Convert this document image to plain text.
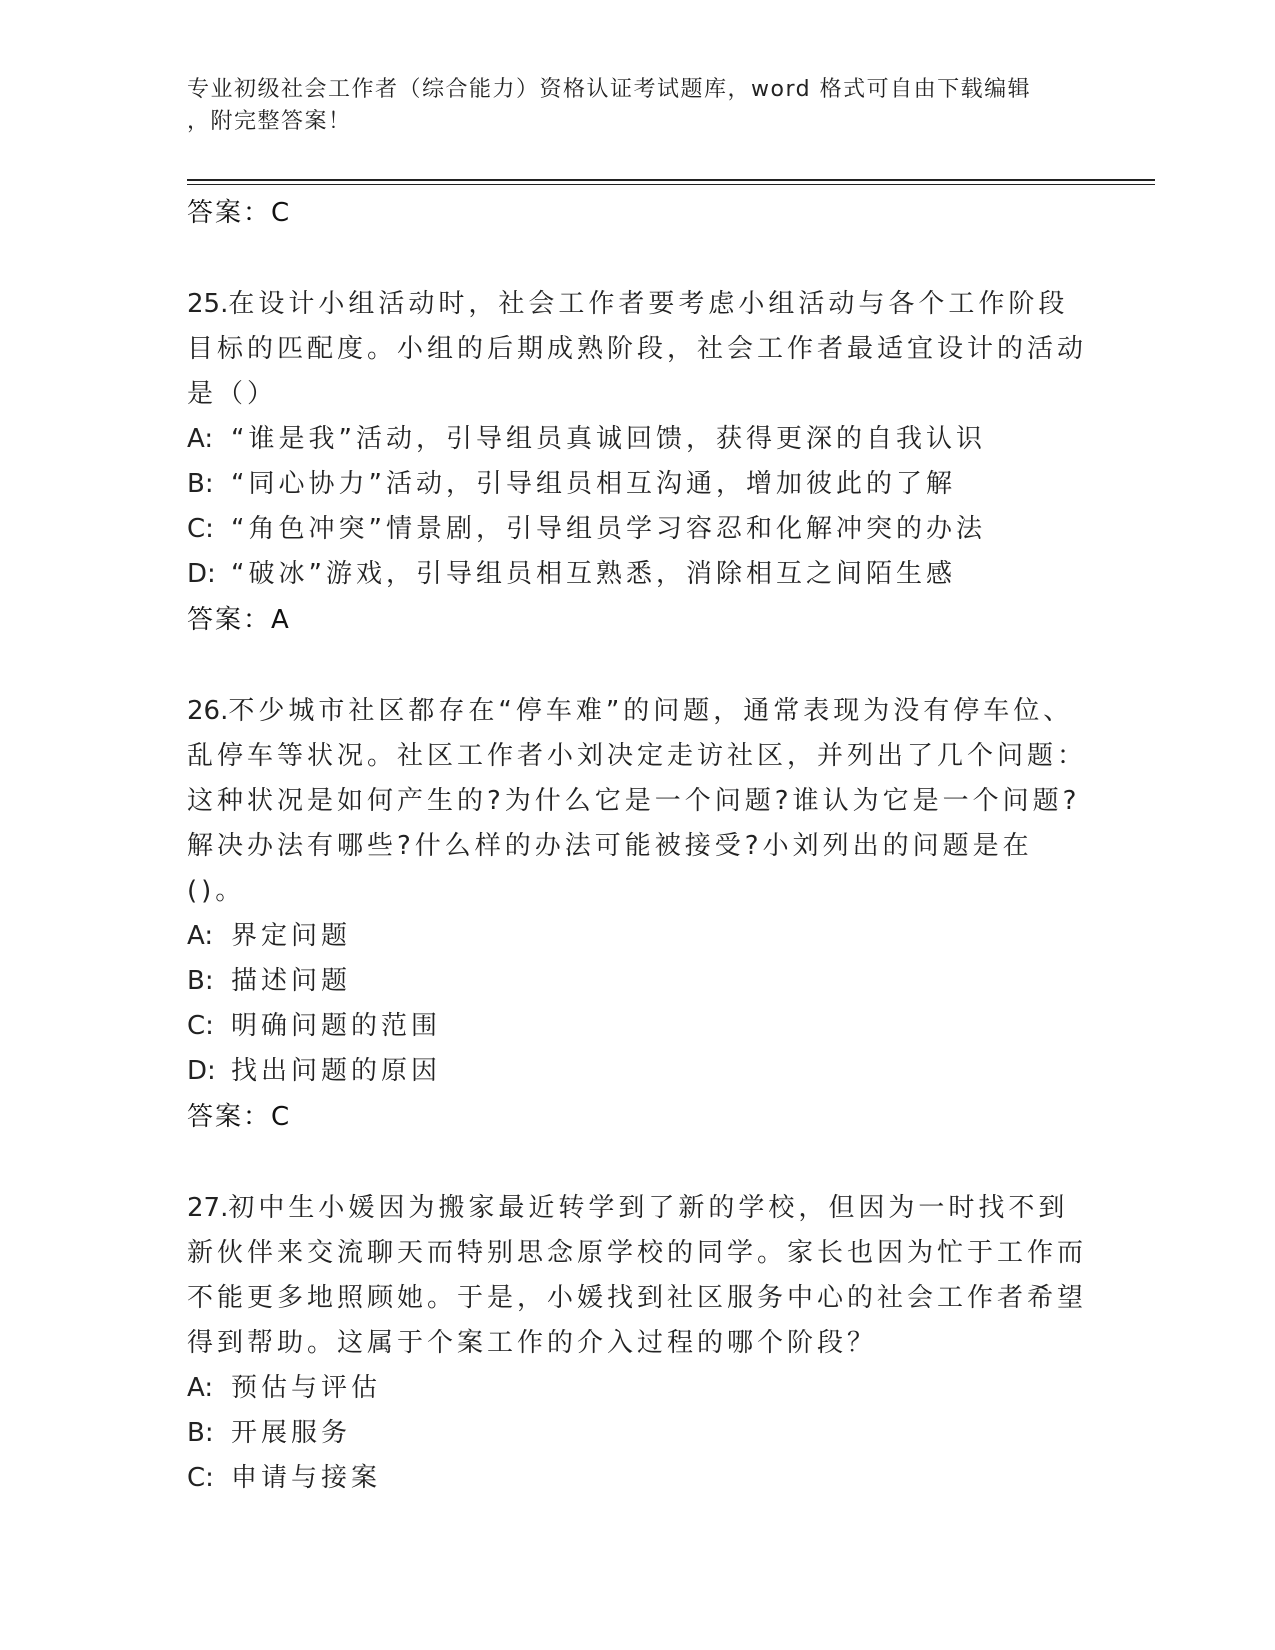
专业初级社会工作者（综合能力）资格认证考试题库，word 格式可自由下载编辑
，附完整答案！
答案：C

25.在设计小组活动时，社会工作者要考虑小组活动与各个工作阶段目标的匹配度。小组的后期成熟阶段，社会工作者最适宜设计的活动是（）

A: “谁是我”活动，引导组员真诚回馈，获得更深的自我认识
B: “同心协力”活动，引导组员相互沟通，增加彼此的了解
C: “角色冲突”情景剧，引导组员学习容忍和化解冲突的办法
D: “破冰”游戏，引导组员相互熟悉，消除相互之间陌生感
答案：A

26.不少城市社区都存在“停车难”的问题，通常表现为没有停车位、乱停车等状况。社区工作者小刘决定走访社区，并列出了几个问题：这种状况是如何产生的?为什么它是一个问题?谁认为它是一个问题?解决办法有哪些?什么样的办法可能被接受?小刘列出的问题是在()。

A: 界定问题
B: 描述问题
C: 明确问题的范围
D: 找出问题的原因
答案：C

27.初中生小媛因为搬家最近转学到了新的学校，但因为一时找不到新伙伴来交流聊天而特别思念原学校的同学。家长也因为忙于工作而不能更多地照顾她。于是，小媛找到社区服务中心的社会工作者希望得到帮助。这属于个案工作的介入过程的哪个阶段？

A: 预估与评估
B: 开展服务
C: 申请与接案
